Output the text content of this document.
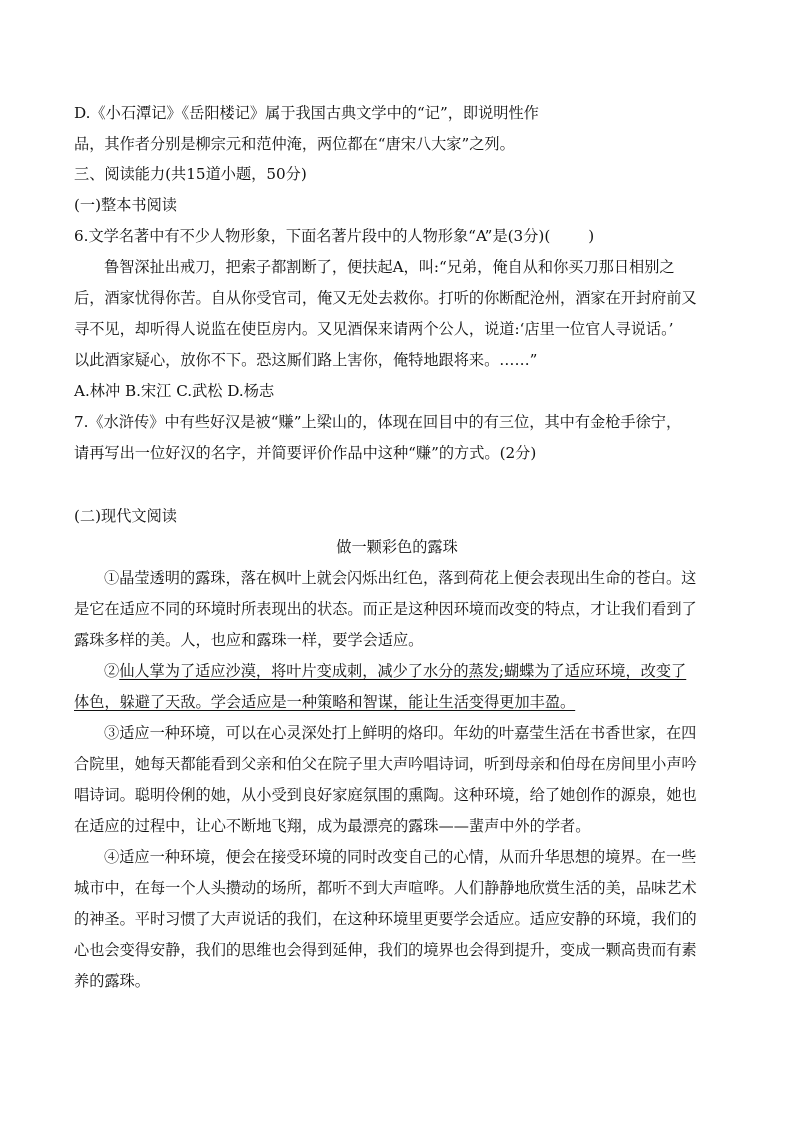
D.《小石潭记》《岳阳楼记》属于我国古典文学中的“记”，即说明性作
品，其作者分别是柳宗元和范仲淹，两位都在“唐宋八大家”之列。
三、阅读能力(共15道小题，50分)
(一)整本书阅读
6.文学名著中有不少人物形象，下面名著片段中的人物形象“A”是(3分)(	)
鲁智深扯出戒刀，把索子都割断了，便扶起A，叫:“兄弟，俺自从和你买刀那日相别之
后，酒家忧得你苦。自从你受官司，俺又无处去救你。打听的你断配沧州，酒家在开封府前又
寻不见，却听得人说监在使臣房内。又见酒保来请两个公人，说道:‘店里一位官人寻说话。’
以此酒家疑心，放你不下。恐这厮们路上害你，俺特地跟将来。……”
A.林冲 B.宋江 C.武松 D.杨志
7.《水浒传》中有些好汉是被“赚”上梁山的，体现在回目中的有三位，其中有金枪手徐宁，
请再写出一位好汉的名字，并简要评价作品中这种“赚”的方式。(2分)
(二)现代文阅读
做一颗彩色的露珠
①晶莹透明的露珠，落在枫叶上就会闪烁出红色，落到荷花上便会表现出生命的苍白。这
是它在适应不同的环境时所表现出的状态。而正是这种因环境而改变的特点，才让我们看到了
露珠多样的美。人，也应和露珠一样，要学会适应。
②仙人掌为了适应沙漠，将叶片变成刺，减少了水分的蒸发;蝴蝶为了适应环境，改变了
体色，躲避了天敌。学会适应是一种策略和智谋，能让生活变得更加丰盈。
③适应一种环境，可以在心灵深处打上鲜明的烙印。年幼的叶嘉莹生活在书香世家，在四
合院里，她每天都能看到父亲和伯父在院子里大声吟唱诗词，听到母亲和伯母在房间里小声吟
唱诗词。聪明伶俐的她，从小受到良好家庭氛围的熏陶。这种环境，给了她创作的源泉，她也
在适应的过程中，让心不断地飞翔，成为最漂亮的露珠——蜚声中外的学者。
④适应一种环境，便会在接受环境的同时改变自己的心情，从而升华思想的境界。在一些
城市中，在每一个人头攒动的场所，都听不到大声喧哗。人们静静地欣赏生活的美，品味艺术
的神圣。平时习惯了大声说话的我们，在这种环境里更要学会适应。适应安静的环境，我们的
心也会变得安静，我们的思维也会得到延伸，我们的境界也会得到提升，变成一颗高贵而有素
养的露珠。
